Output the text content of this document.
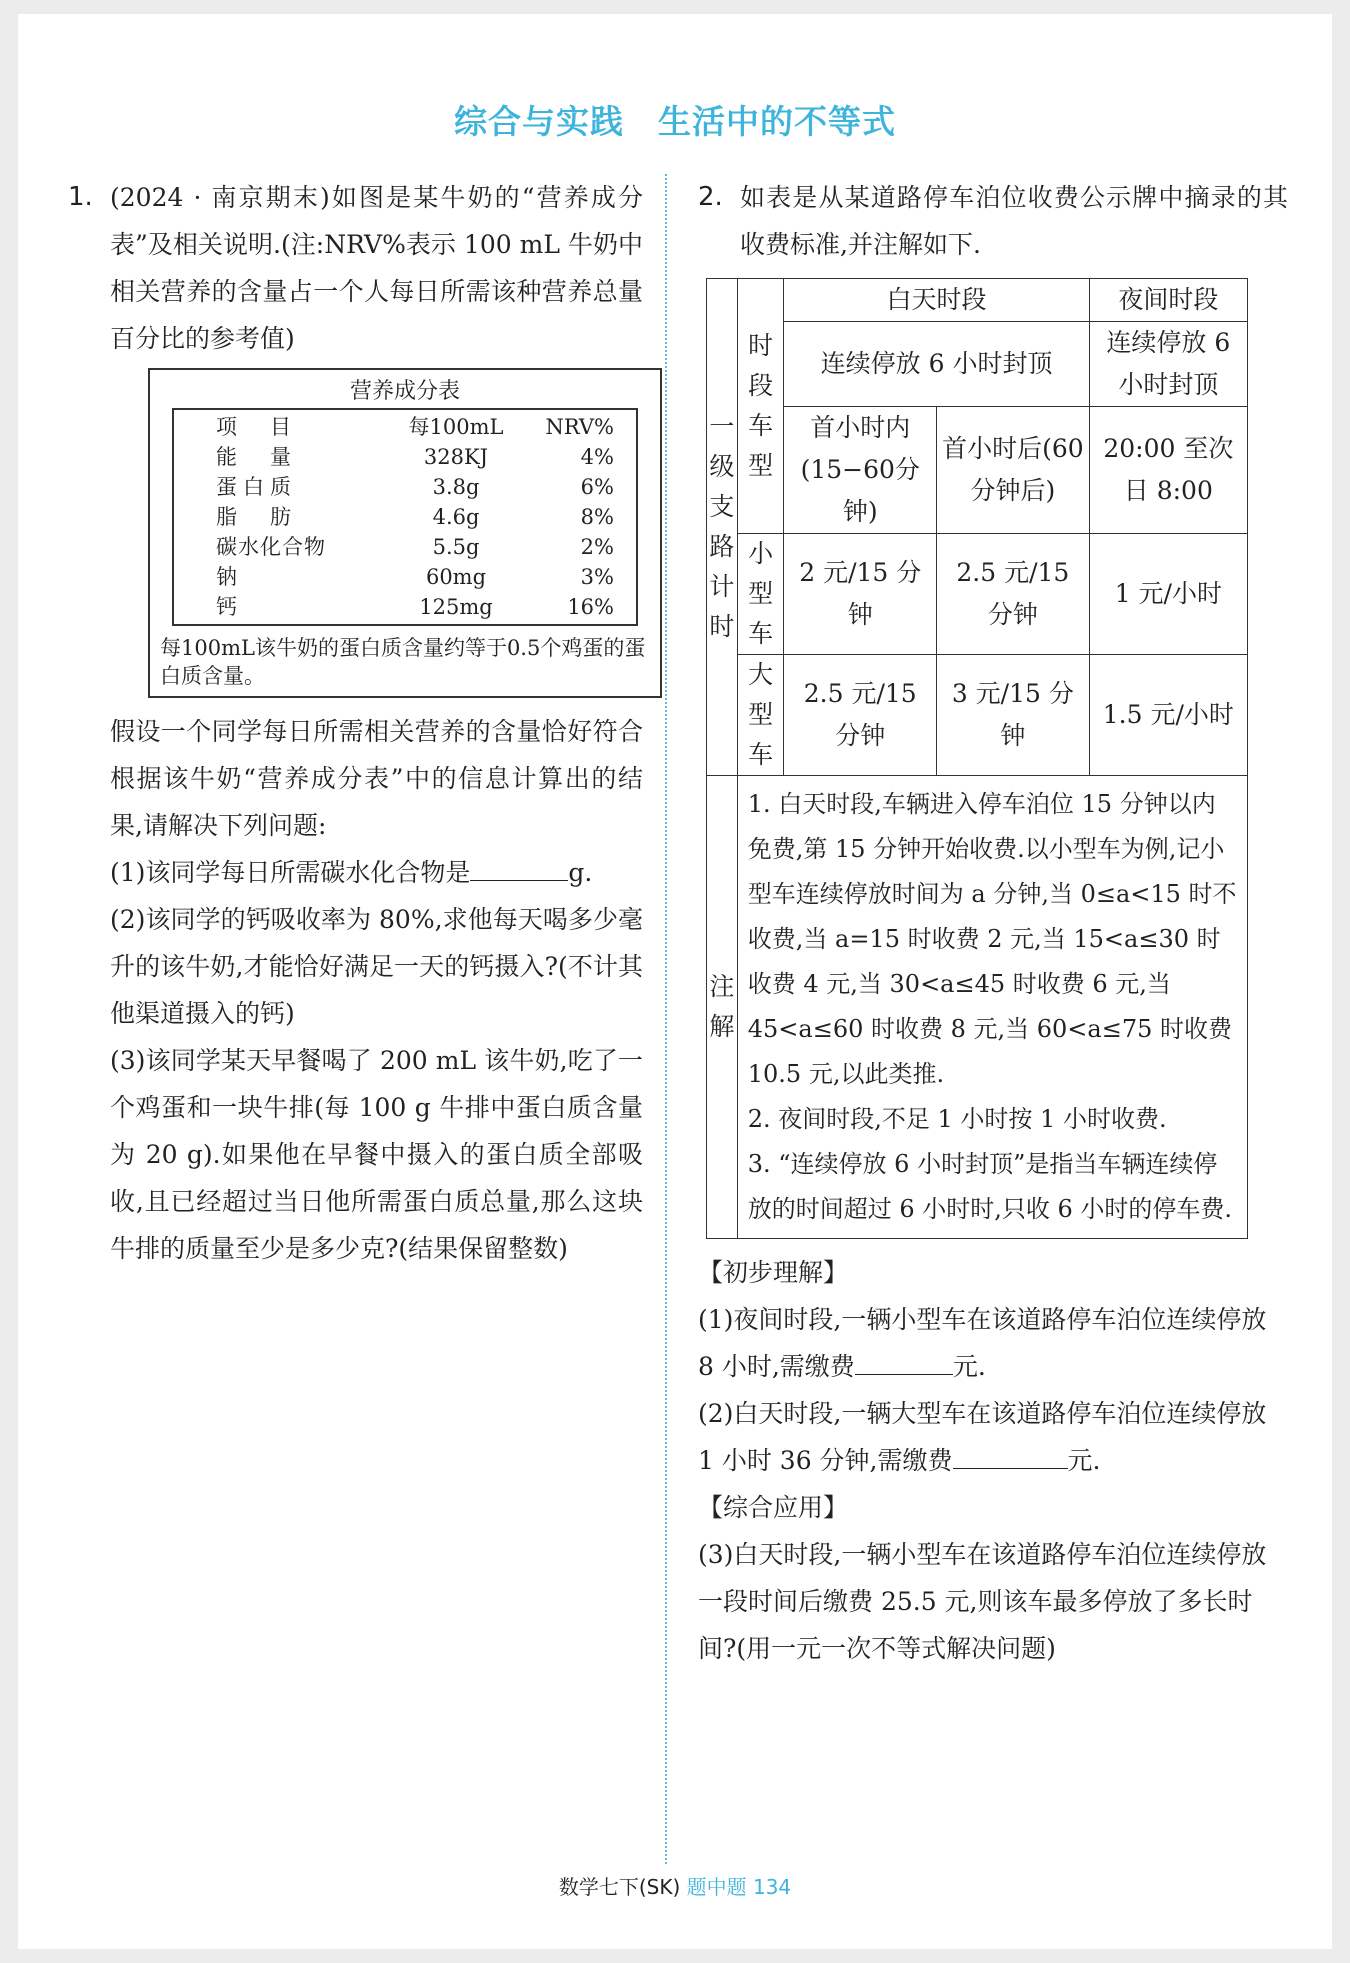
综合与实践　生活中的不等式
1. (2024 · 南京期末)如图是某牛奶的“营养成分表”及相关说明.(注:NRV%表示 100 mL 牛奶中相关营养的含量占一个人每日所需该种营养总量百分比的参考值)
营养成分表
项　目	每100mL	NRV%
能　量	328KJ	4%
蛋白质	3.8g	6%
脂　肪	4.6g	8%
碳水化合物	5.5g	2%
钠	60mg	3%
钙	125mg	16%
每100mL该牛奶的蛋白质含量约等于0.5个鸡蛋的蛋白质含量。
假设一个同学每日所需相关营养的含量恰好符合根据该牛奶“营养成分表”中的信息计算出的结果,请解决下列问题:
(1)该同学每日所需碳水化合物是	g.
(2)该同学的钙吸收率为 80%,求他每天喝多少毫升的该牛奶,才能恰好满足一天的钙摄入?(不计其他渠道摄入的钙)
(3)该同学某天早餐喝了 200 mL 该牛奶,吃了一个鸡蛋和一块牛排(每 100 g 牛排中蛋白质含量为 20 g).如果他在早餐中摄入的蛋白质全部吸收,且已经超过当日他所需蛋白质总量,那么这块牛排的质量至少是多少克?(结果保留整数)
2. 如表是从某道路停车泊位收费公示牌中摘录的其收费标准,并注解如下.
一级支路计时	时段车型	白天时段		夜间时段
		连续停放 6 小时封顶		连续停放 6 小时封顶
		首小时内(15−60分钟)	首小时后(60 分钟后)	20:00 至次日 8:00
	小型车	2 元/15 分钟	2.5 元/15 分钟	1 元/小时
	大型车	2.5 元/15 分钟	3 元/15 分钟	1.5 元/小时
注解	1. 白天时段,车辆进入停车泊位 15 分钟以内免费,第 15 分钟开始收费.以小型车为例,记小型车连续停放时间为 a 分钟,当 0≤a<15 时不收费,当 a=15 时收费 2 元,当 15<a≤30 时收费 4 元,当 30<a≤45 时收费 6 元,当 45<a≤60 时收费 8 元,当 60<a≤75 时收费 10.5 元,以此类推.

2. 夜间时段,不足 1 小时按 1 小时收费.

3. “连续停放 6 小时封顶”是指当车辆连续停放的时间超过 6 小时时,只收 6 小时的停车费.			

【初步理解】
(1)夜间时段,一辆小型车在该道路停车泊位连续停放 8 小时,需缴费	元.
(2)白天时段,一辆大型车在该道路停车泊位连续停放 1 小时 36 分钟,需缴费	元.
【综合应用】
(3)白天时段,一辆小型车在该道路停车泊位连续停放一段时间后缴费 25.5 元,则该车最多停放了多长时间?(用一元一次不等式解决问题)
数学七下(SK) 题中题 134
